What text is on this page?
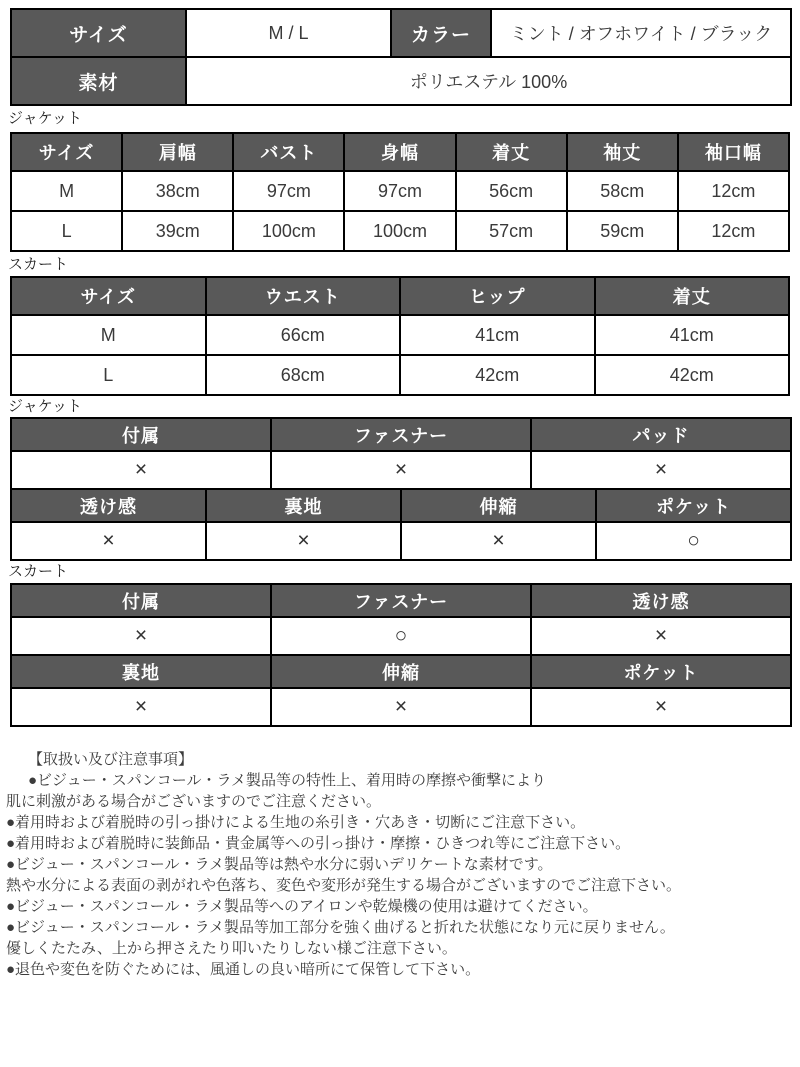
サイズ	M / L	カラー	ミント / オフホワイト / ブラック
素材	ポリエステル 100%		
ジャケット
サイズ	肩幅	バスト	身幅	着丈	袖丈	袖口幅
M	38cm	97cm	97cm	56cm	58cm	12cm
L	39cm	100cm	100cm	57cm	59cm	12cm
スカート
サイズ	ウエスト	ヒップ	着丈
M	66cm	41cm	41cm
L	68cm	42cm	42cm
ジャケット
付属		ファスナー		パッド	
×		×		×	
透け感	裏地		伸縮		ポケット
×	×		×		○
スカート
付属	ファスナー	透け感
×	○	×
裏地	伸縮	ポケット
×	×	×
【取扱い及び注意事項】
●ビジュー・スパンコール・ラメ製品等の特性上、着用時の摩擦や衝撃により
肌に刺激がある場合がございますのでご注意ください。
●着用時および着脱時の引っ掛けによる生地の糸引き・穴あき・切断にご注意下さい。
●着用時および着脱時に装飾品・貴金属等への引っ掛け・摩擦・ひきつれ等にご注意下さい。
●ビジュー・スパンコール・ラメ製品等は熱や水分に弱いデリケートな素材です。
熱や水分による表面の剥がれや色落ち、変色や変形が発生する場合がございますのでご注意下さい。
●ビジュー・スパンコール・ラメ製品等へのアイロンや乾燥機の使用は避けてください。
●ビジュー・スパンコール・ラメ製品等加工部分を強く曲げると折れた状態になり元に戻りません。
優しくたたみ、上から押さえたり叩いたりしない様ご注意下さい。
●退色や変色を防ぐためには、風通しの良い暗所にて保管して下さい。
